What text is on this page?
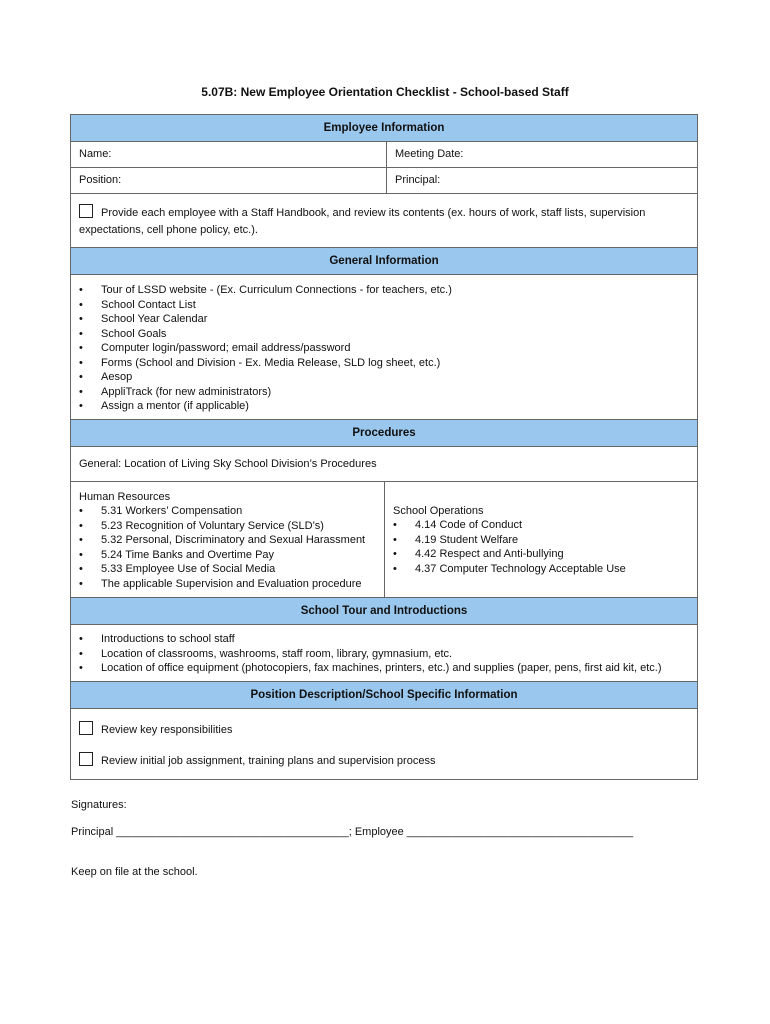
5.07B: New Employee Orientation Checklist - School-based Staff
Employee Information
Name:	Meeting Date:
Position:	Principal:
Provide each employee with a Staff Handbook, and review its contents (ex. hours of work, staff lists, supervision expectations, cell phone policy, etc.).
General Information
• Tour of LSSD website - (Ex. Curriculum Connections - for teachers, etc.)
• School Contact List
• School Year Calendar
• School Goals
• Computer login/password; email address/password
• Forms (School and Division - Ex. Media Release, SLD log sheet, etc.)
• Aesop
• AppliTrack (for new administrators)
• Assign a mentor (if applicable)
Procedures
General: Location of Living Sky School Division’s Procedures
Human Resources
• 5.31 Workers’ Compensation
• 5.23 Recognition of Voluntary Service (SLD’s)
• 5.32 Personal, Discriminatory and Sexual Harassment
• 5.24 Time Banks and Overtime Pay
• 5.33 Employee Use of Social Media
• The applicable Supervision and Evaluation procedure
School Operations
• 4.14 Code of Conduct
• 4.19 Student Welfare
• 4.42 Respect and Anti-bullying
• 4.37 Computer Technology Acceptable Use
School Tour and Introductions
• Introductions to school staff
• Location of classrooms, washrooms, staff room, library, gymnasium, etc.
• Location of office equipment (photocopiers, fax machines, printers, etc.) and supplies (paper, pens, first aid kit, etc.)
Position Description/School Specific Information
Review key responsibilities
Review initial job assignment, training plans and supervision process
Signatures:
Principal ______________________________________; Employee _____________________________________
Keep on file at the school.
